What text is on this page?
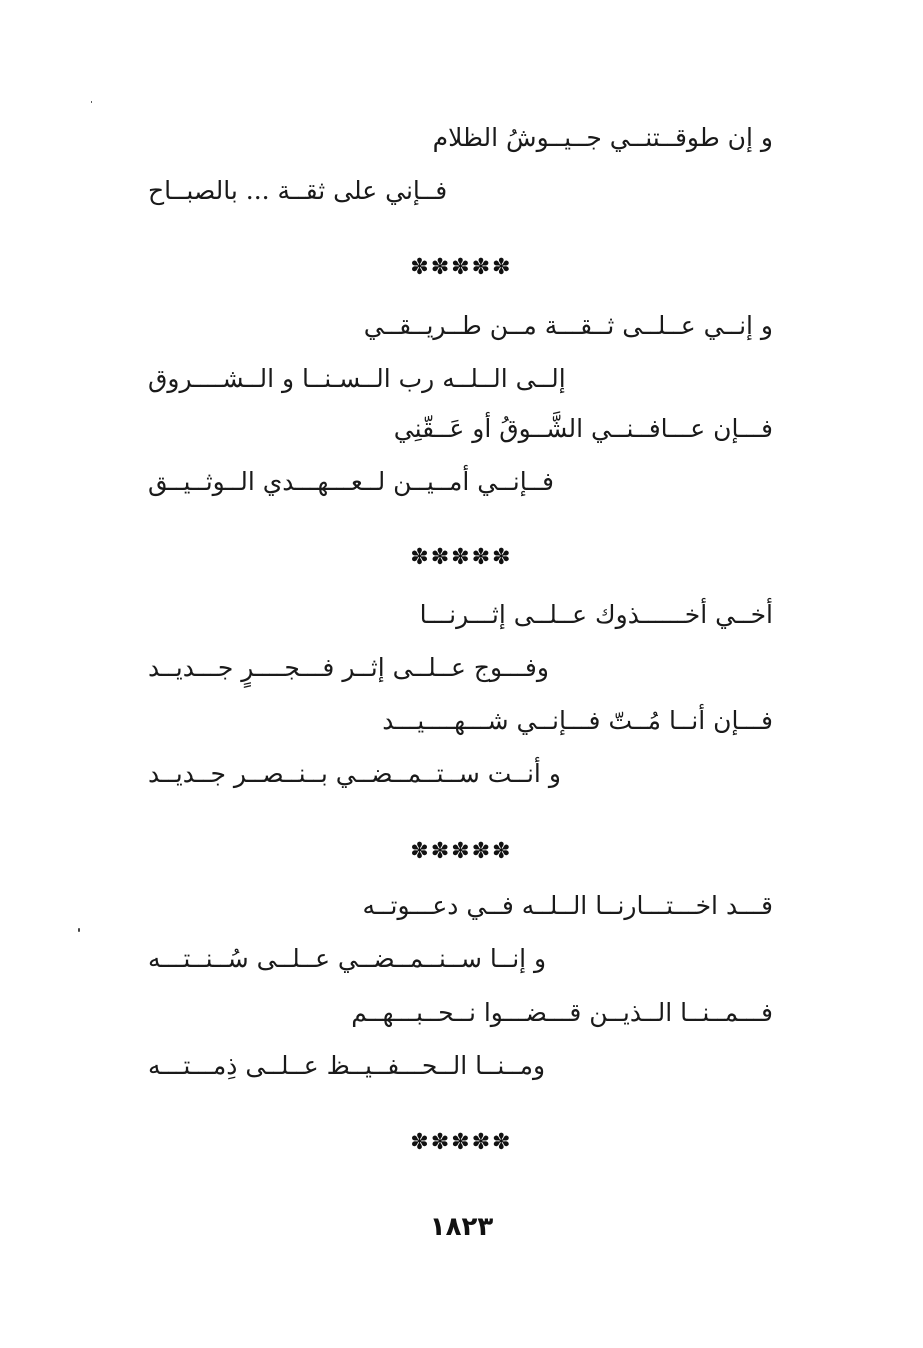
و إن طوقــتنــي جــيــوشُ الظلام
فــإني على ثقــة ... بالصبــاح
✽✽✽✽✽
و إنــي عــلــى ثــقـــة مــن طــريــقــي
إلــى الــلــه رب الــسـنــا و الــشــــروق
فـــإن عـــافــنــي الشَّــوقُ أو عَــقّنِي
فــإنــي أمــيــن لــعـــهـــدي الــوثــيــق
✽✽✽✽✽
أخــي أخــــــذوك عــلــى إثـــرنـــا
وفـــوج عــلــى إثــر فـــجــــرٍ جـــديــد
فـــإن أنــا مُــتّ فـــإنــي شـــهــــيـــد
و أنــت ســتــمــضــي بــنــصــر جــديــد
✽✽✽✽✽
قـــد اخـــتـــارنــا الــلــه فــي دعـــوتــه
و إنــا ســنــمــضــي عــلــى سُــنــتـــه
فـــمــنــا الــذيــن قـــضـــوا نــحــبـــهــم
ومــنــا الــحـــفــيــظ عــلــى ذِمـــتـــه
✽✽✽✽✽
١٨٢٣
